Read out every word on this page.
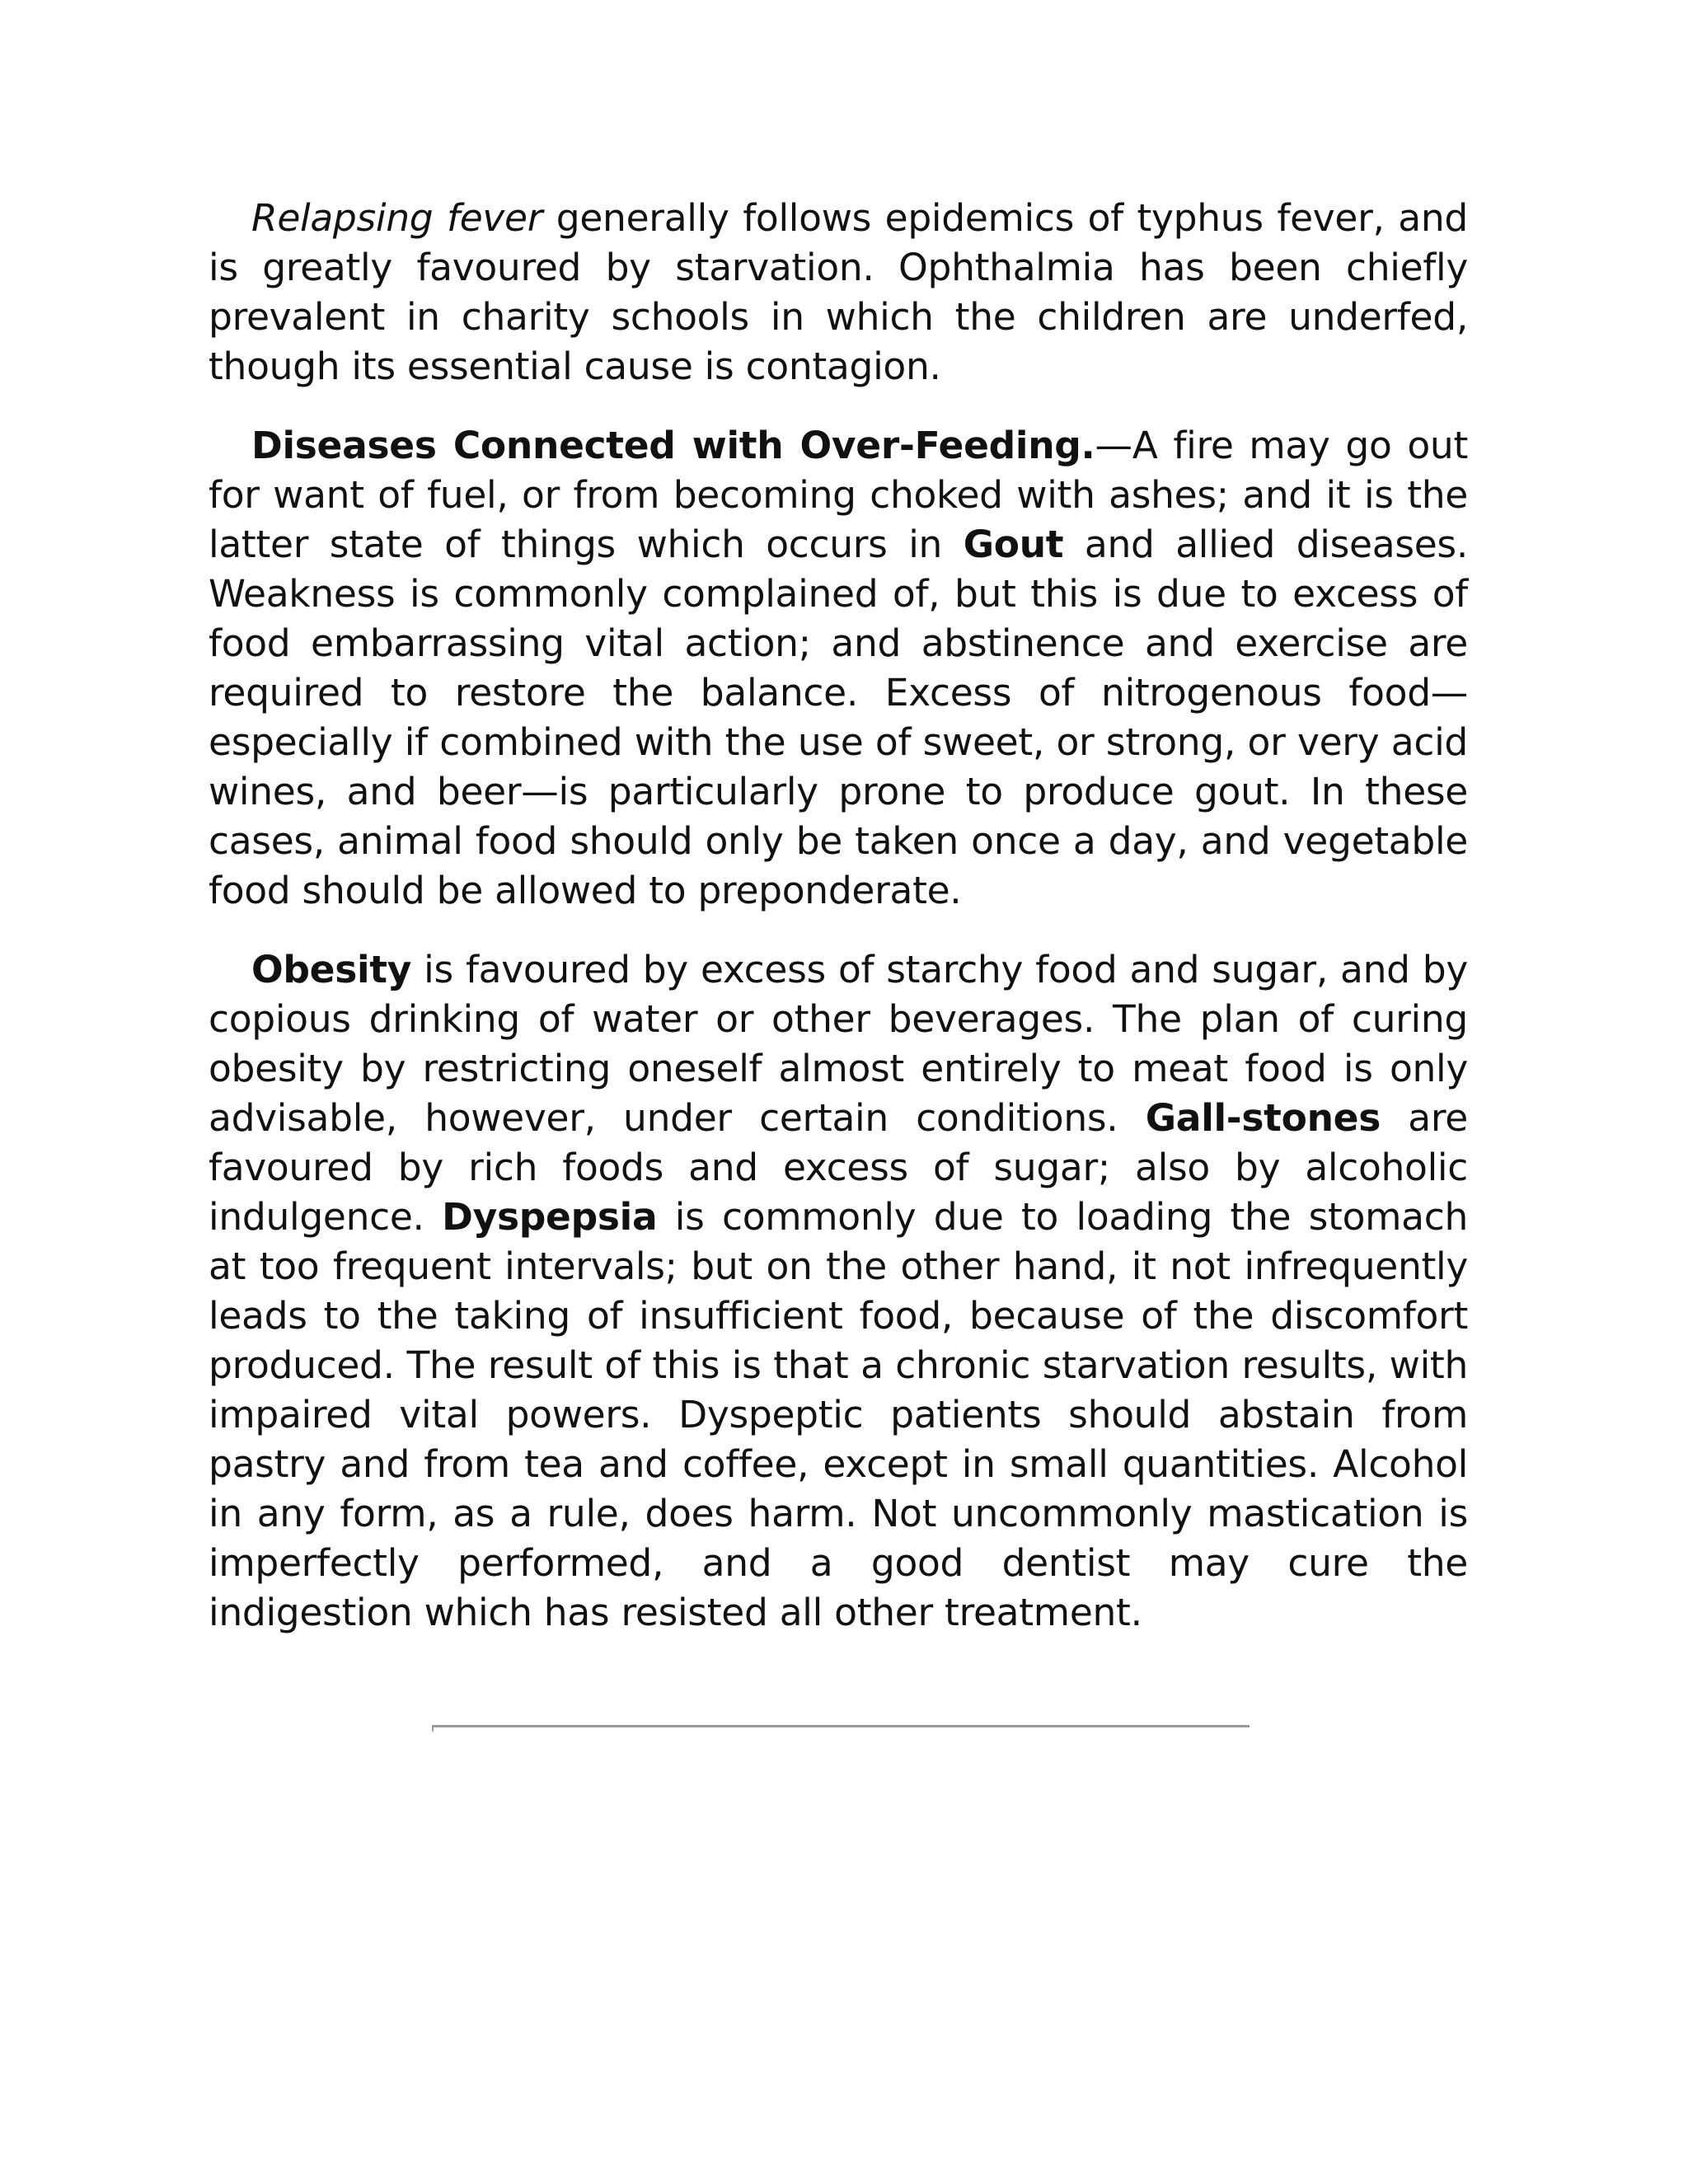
Relapsing fever generally follows epidemics of typhus fever, and is greatly favoured by starvation. Ophthalmia has been chiefly prevalent in charity schools in which the children are underfed, though its essential cause is contagion.

Diseases Connected with Over-Feeding.—A fire may go out for want of fuel, or from becoming choked with ashes; and it is the latter state of things which occurs in Gout and allied diseases. Weakness is commonly complained of, but this is due to excess of food embarrassing vital action; and abstinence and exercise are required to restore the balance. Excess of nitrogenous food—especially if combined with the use of sweet, or strong, or very acid wines, and beer—is particularly prone to produce gout. In these cases, animal food should only be taken once a day, and vegetable food should be allowed to preponderate.

Obesity is favoured by excess of starchy food and sugar, and by copious drinking of water or other beverages. The plan of curing obesity by restricting oneself almost entirely to meat food is only advisable, however, under certain conditions. Gall-stones are favoured by rich foods and excess of sugar; also by alcoholic indulgence. Dyspepsia is commonly due to loading the stomach at too frequent intervals; but on the other hand, it not infrequently leads to the taking of insufficient food, because of the discomfort produced. The result of this is that a chronic starvation results, with impaired vital powers. Dyspeptic patients should abstain from pastry and from tea and coffee, except in small quantities. Alcohol in any form, as a rule, does harm. Not uncommonly mastication is imperfectly performed, and a good dentist may cure the indigestion which has resisted all other treatment.
